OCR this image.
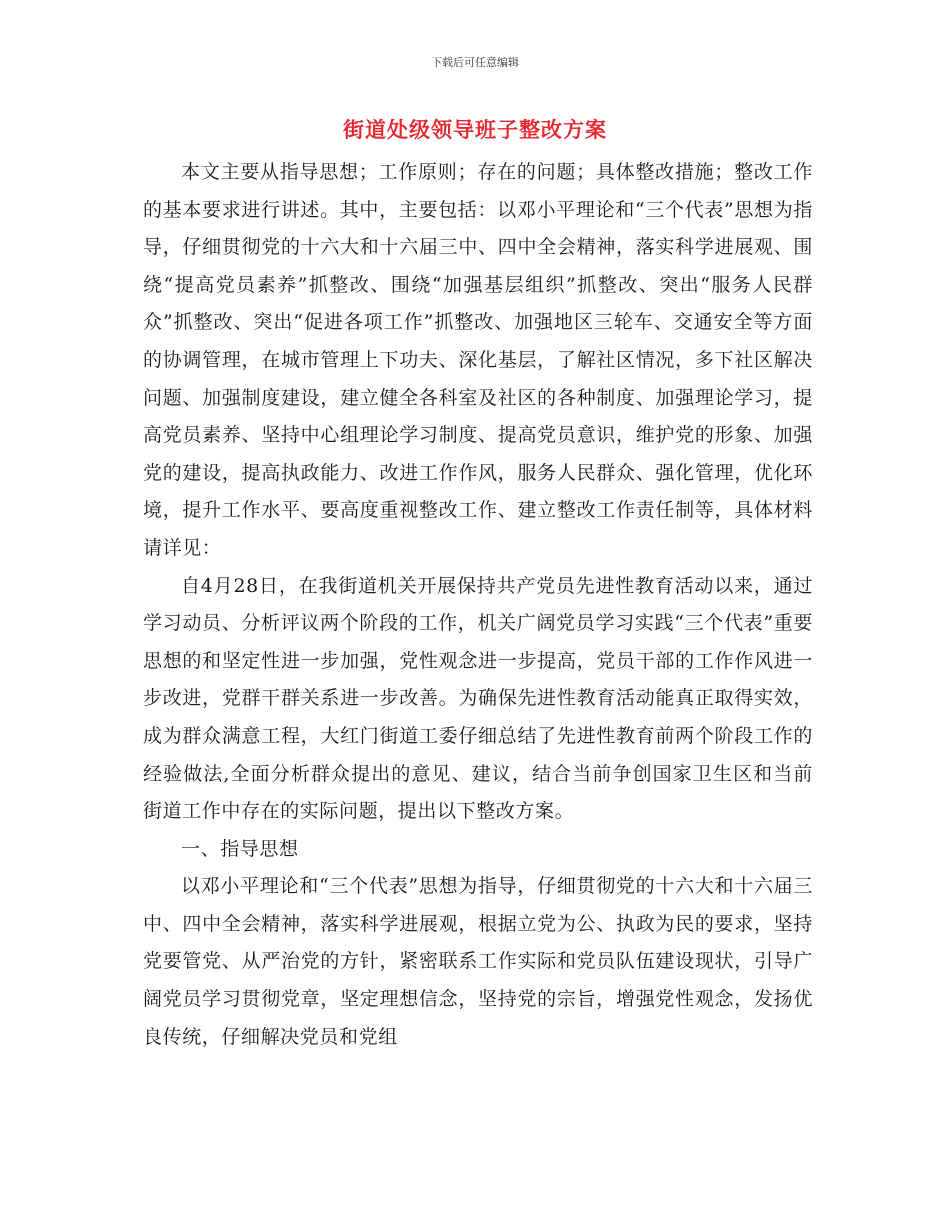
下载后可任意编辑
街道处级领导班子整改方案

本文主要从指导思想；工作原则；存在的问题；具体整改措施；整改工作的基本要求进行讲述。其中，主要包括：以邓小平理论和“三个代表”思想为指导，仔细贯彻党的十六大和十六届三中、四中全会精神，落实科学进展观、围绕“提高党员素养”抓整改、围绕“加强基层组织”抓整改、突出“服务人民群众”抓整改、突出“促进各项工作”抓整改、加强地区三轮车、交通安全等方面的协调管理，在城市管理上下功夫、深化基层，了解社区情况，多下社区解决问题、加强制度建设，建立健全各科室及社区的各种制度、加强理论学习，提高党员素养、坚持中心组理论学习制度、提高党员意识，维护党的形象、加强党的建设，提高执政能力、改进工作作风，服务人民群众、强化管理，优化环境，提升工作水平、要高度重视整改工作、建立整改工作责任制等，具体材料请详见：

自4月28日，在我街道机关开展保持共产党员先进性教育活动以来，通过学习动员、分析评议两个阶段的工作，机关广阔党员学习实践“三个代表”重要思想的和坚定性进一步加强，党性观念进一步提高，党员干部的工作作风进一步改进，党群干群关系进一步改善。为确保先进性教育活动能真正取得实效，成为群众满意工程，大红门街道工委仔细总结了先进性教育前两个阶段工作的经验做法,全面分析群众提出的意见、建议，结合当前争创国家卫生区和当前街道工作中存在的实际问题，提出以下整改方案。

一、指导思想

以邓小平理论和“三个代表”思想为指导，仔细贯彻党的十六大和十六届三中、四中全会精神，落实科学进展观，根据立党为公、执政为民的要求，坚持党要管党、从严治党的方针，紧密联系工作实际和党员队伍建设现状，引导广阔党员学习贯彻党章，坚定理想信念，坚持党的宗旨，增强党性观念，发扬优良传统，仔细解决党员和党组
